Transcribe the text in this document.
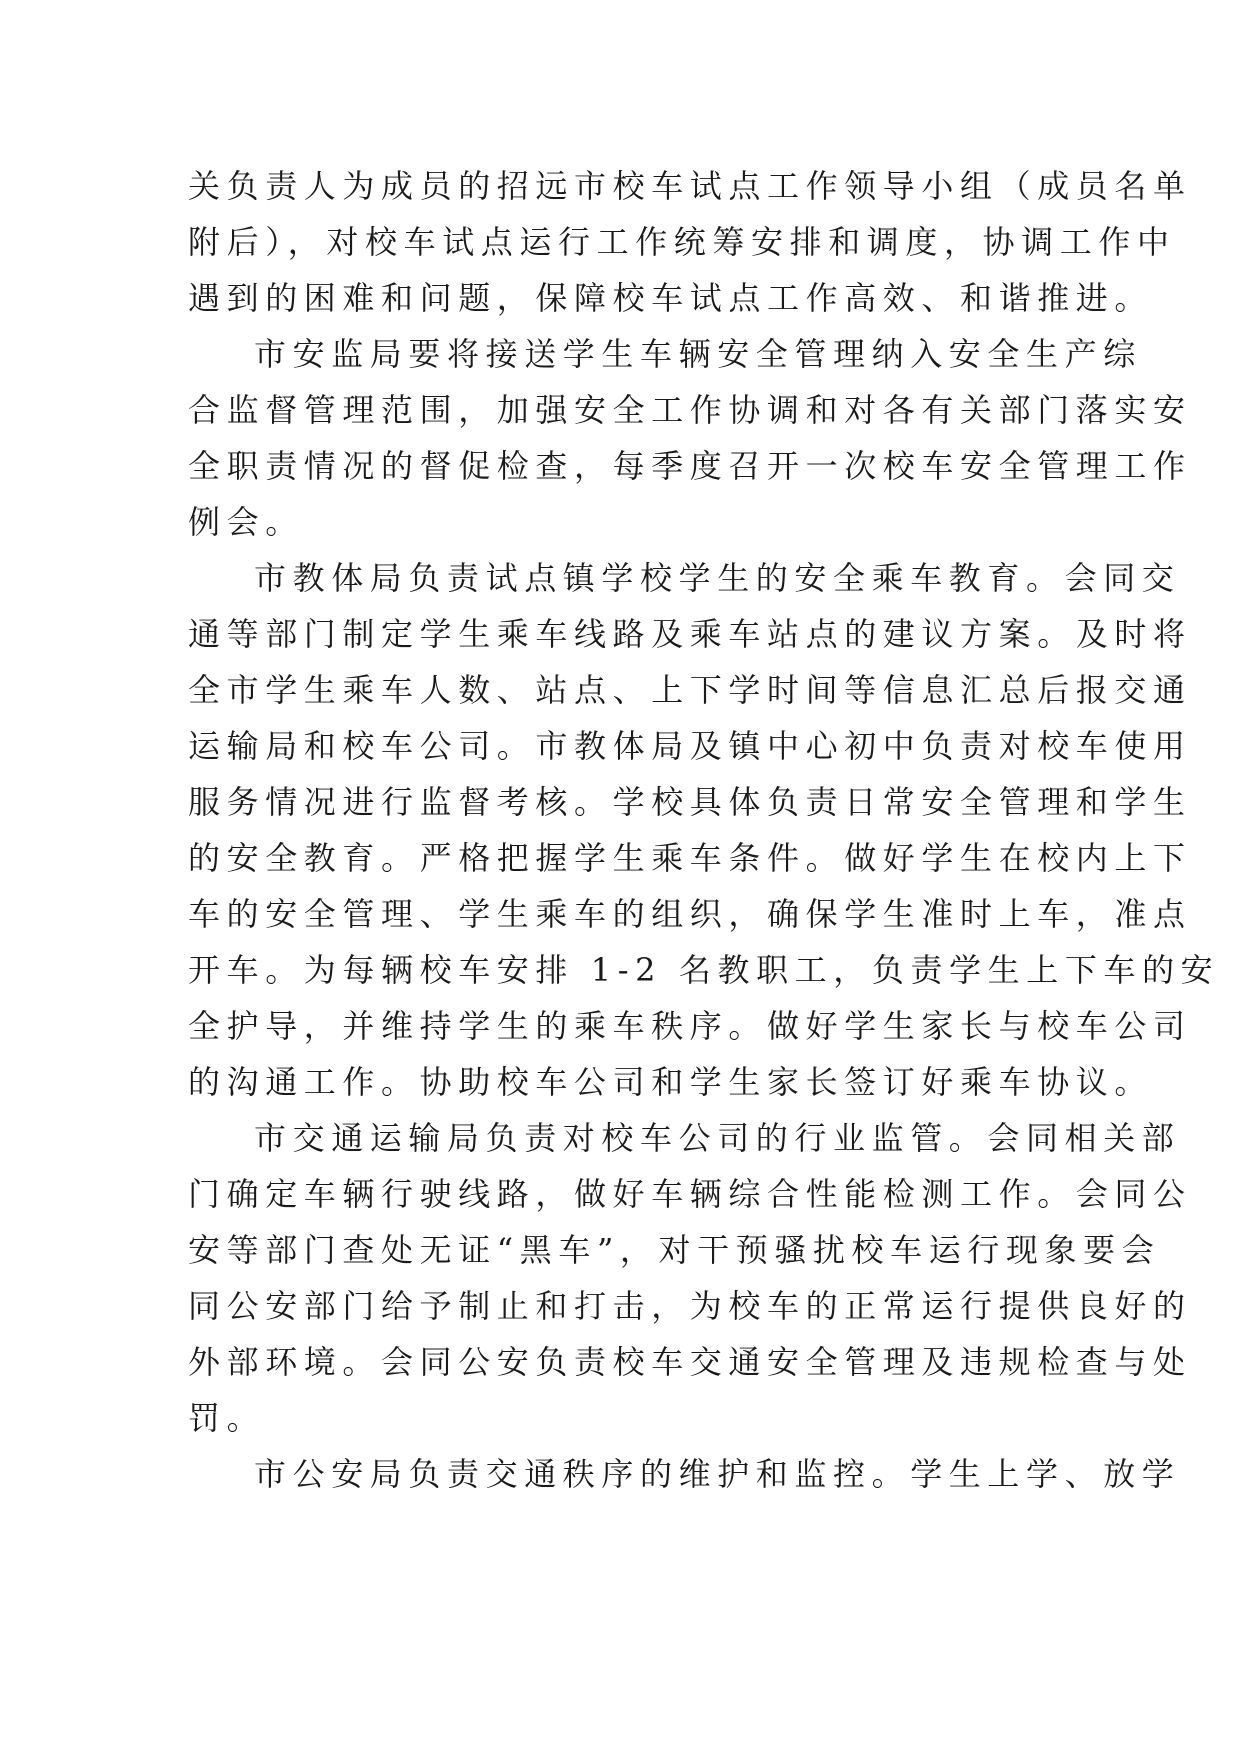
关负责人为成员的招远市校车试点工作领导小组（成员名单
附后），对校车试点运行工作统筹安排和调度，协调工作中
遇到的困难和问题，保障校车试点工作高效、和谐推进。
市安监局要将接送学生车辆安全管理纳入安全生产综
合监督管理范围，加强安全工作协调和对各有关部门落实安
全职责情况的督促检查，每季度召开一次校车安全管理工作
例会。
市教体局负责试点镇学校学生的安全乘车教育。会同交
通等部门制定学生乘车线路及乘车站点的建议方案。及时将
全市学生乘车人数、站点、上下学时间等信息汇总后报交通
运输局和校车公司。市教体局及镇中心初中负责对校车使用
服务情况进行监督考核。学校具体负责日常安全管理和学生
的安全教育。严格把握学生乘车条件。做好学生在校内上下
车的安全管理、学生乘车的组织，确保学生准时上车，准点
开车。为每辆校车安排 1-2 名教职工，负责学生上下车的安
全护导，并维持学生的乘车秩序。做好学生家长与校车公司
的沟通工作。协助校车公司和学生家长签订好乘车协议。
市交通运输局负责对校车公司的行业监管。会同相关部
门确定车辆行驶线路，做好车辆综合性能检测工作。会同公
安等部门查处无证“黑车”，对干预骚扰校车运行现象要会
同公安部门给予制止和打击，为校车的正常运行提供良好的
外部环境。会同公安负责校车交通安全管理及违规检查与处
罚。
市公安局负责交通秩序的维护和监控。学生上学、放学
